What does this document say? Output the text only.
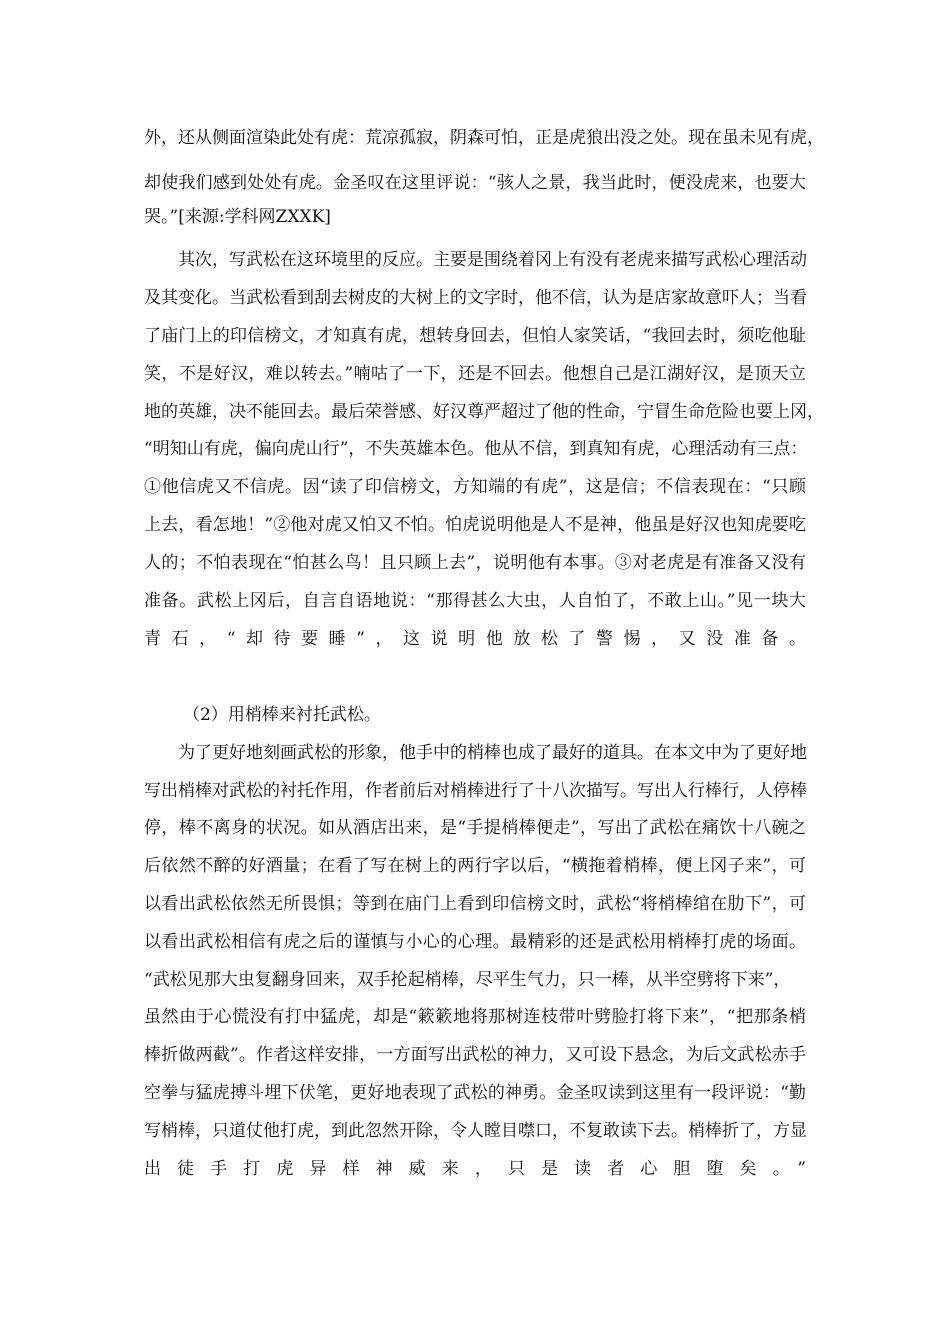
外，还从侧面渲染此处有虎：荒凉孤寂，阴森可怕，正是虎狼出没之处。现在虽未见有虎，

却使我们感到处处有虎。金圣叹在这里评说：“骇人之景，我当此时，便没虎来，也要大

哭。”[来源:学科网ZXXK]

其次，写武松在这环境里的反应。主要是围绕着冈上有没有老虎来描写武松心理活动

及其变化。当武松看到刮去树皮的大树上的文字时，他不信，认为是店家故意吓人；当看

了庙门上的印信榜文，才知真有虎，想转身回去，但怕人家笑话，“我回去时，须吃他耻

笑，不是好汉，难以转去。”喃咕了一下，还是不回去。他想自己是江湖好汉，是顶天立

地的英雄，决不能回去。最后荣誉感、好汉尊严超过了他的性命，宁冒生命危险也要上冈，

“明知山有虎，偏向虎山行”，不失英雄本色。他从不信，到真知有虎，心理活动有三点：

①他信虎又不信虎。因“读了印信榜文，方知端的有虎”，这是信；不信表现在：“只顾

上去，看怎地！”②他对虎又怕又不怕。怕虎说明他是人不是神，他虽是好汉也知虎要吃

人的；不怕表现在“怕甚么鸟！且只顾上去”，说明他有本事。③对老虎是有准备又没有

准备。武松上冈后，自言自语地说：“那得甚么大虫，人自怕了，不敢上山。”见一块大

青石，“却待要睡”，这说明他放松了警惕，又没准备。

（2）用梢棒来衬托武松。

为了更好地刻画武松的形象，他手中的梢棒也成了最好的道具。在本文中为了更好地

写出梢棒对武松的衬托作用，作者前后对梢棒进行了十八次描写。写出人行棒行，人停棒

停，棒不离身的状况。如从酒店出来，是“手提梢棒便走”，写出了武松在痛饮十八碗之

后依然不醉的好酒量；在看了写在树上的两行字以后，“横拖着梢棒，便上冈子来”，可

以看出武松依然无所畏惧；等到在庙门上看到印信榜文时，武松“将梢棒绾在肋下”，可

以看出武松相信有虎之后的谨慎与小心的心理。最精彩的还是武松用梢棒打虎的场面。

“武松见那大虫复翻身回来，双手抡起梢棒，尽平生气力，只一棒，从半空劈将下来”，

虽然由于心慌没有打中猛虎，却是“簌簌地将那树连枝带叶劈脸打将下来”，“把那条梢

棒折做两截”。作者这样安排，一方面写出武松的神力，又可设下悬念，为后文武松赤手

空拳与猛虎搏斗埋下伏笔，更好地表现了武松的神勇。金圣叹读到这里有一段评说：“勤

写梢棒，只道仗他打虎，到此忽然开除，令人瞠目噤口，不复敢读下去。梢棒折了，方显

出徒手打虎异样神威来，只是读者心胆堕矣。”
